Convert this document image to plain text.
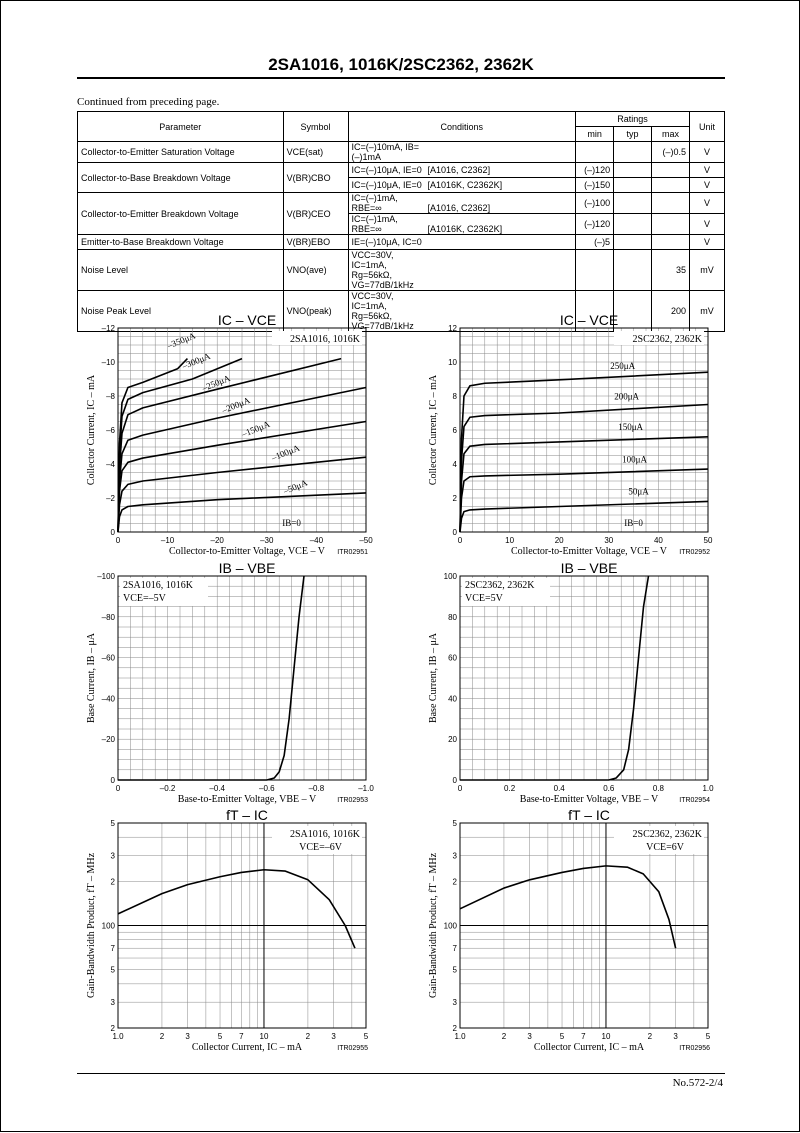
2SA1016, 1016K/2SC2362, 2362K
Continued from preceding page.
Parameter	Symbol	Conditions	Ratings			Unit
			min	typ	max	
Collector-to-Emitter Saturation Voltage	VCE(sat)	IC=(–)10mA, IB=(–)1mA			(–)0.5	V
Collector-to-Base Breakdown Voltage	V(BR)CBO	IC=(–)10μA, IE=0 [A1016, C2362]	(–)120			V
		IC=(–)10μA, IE=0 [A1016K, C2362K]	(–)150			V
Collector-to-Emitter Breakdown Voltage	V(BR)CEO	IC=(–)1mA, RBE=∞ [A1016, C2362]	(–)100			V
		IC=(–)1mA, RBE=∞ [A1016K, C2362K]	(–)120			V
Emitter-to-Base Breakdown Voltage	V(BR)EBO	IE=(–)10μA, IC=0	(–)5			V
Noise Level	VNO(ave)	VCC=30V, IC=1mA, Rg=56kΩ, VG=77dB/1kHz			35	mV
Noise Peak Level	VNO(peak)	VCC=30V, IC=1mA, Rg=56kΩ, VG=77dB/1kHz			200	mV
0	–10	–20	–30	–40	–50
0
–2
–4
–6
–8
–10
–12
IC – VCE
2SA1016, 1016K
Collector-to-Emitter Voltage, VCE – V
Collector Current, IC – mA
ITR02951
–50μA
–100μA
–150μA
–200μA
–250μA
–300μA
–350μA
IB=0
0	10	20	30	40	50
0
2
4
6
8
10
12
IC – VCE
2SC2362, 2362K
Collector-to-Emitter Voltage, VCE – V
Collector Current, IC – mA
ITR02952
50μA
100μA
150μA
200μA
250μA
IB=0
0	–0.2	–0.4	–0.6	–0.8	–1.0
0
–20
–40
–60
–80
–100
IB – VBE
2SA1016, 1016K
VCE=–5V
Base-to-Emitter Voltage, VBE – V
Base Current, IB – μA
ITR02953
0	0.2	0.4	0.6	0.8	1.0
0
20
40
60
80
100
IB – VBE
2SC2362, 2362K
VCE=5V
Base-to-Emitter Voltage, VBE – V
Base Current, IB – μA
ITR02954
1.0	2	3	5 7 10	2	3	5
2
3
5
7
100
2
3
5
fT – IC
2SA1016, 1016K
VCE=–6V
Collector Current, IC – mA
Gain-Bandwidth Product, fT – MHz
ITR02955
1.0	2	3	5 7 10	2	3	5
2
3
5
7
100
2
3
5
fT – IC
2SC2362, 2362K
VCE=6V
Collector Current, IC – mA
Gain-Bandwidth Product, fT – MHz
ITR02956
No.572-2/4
